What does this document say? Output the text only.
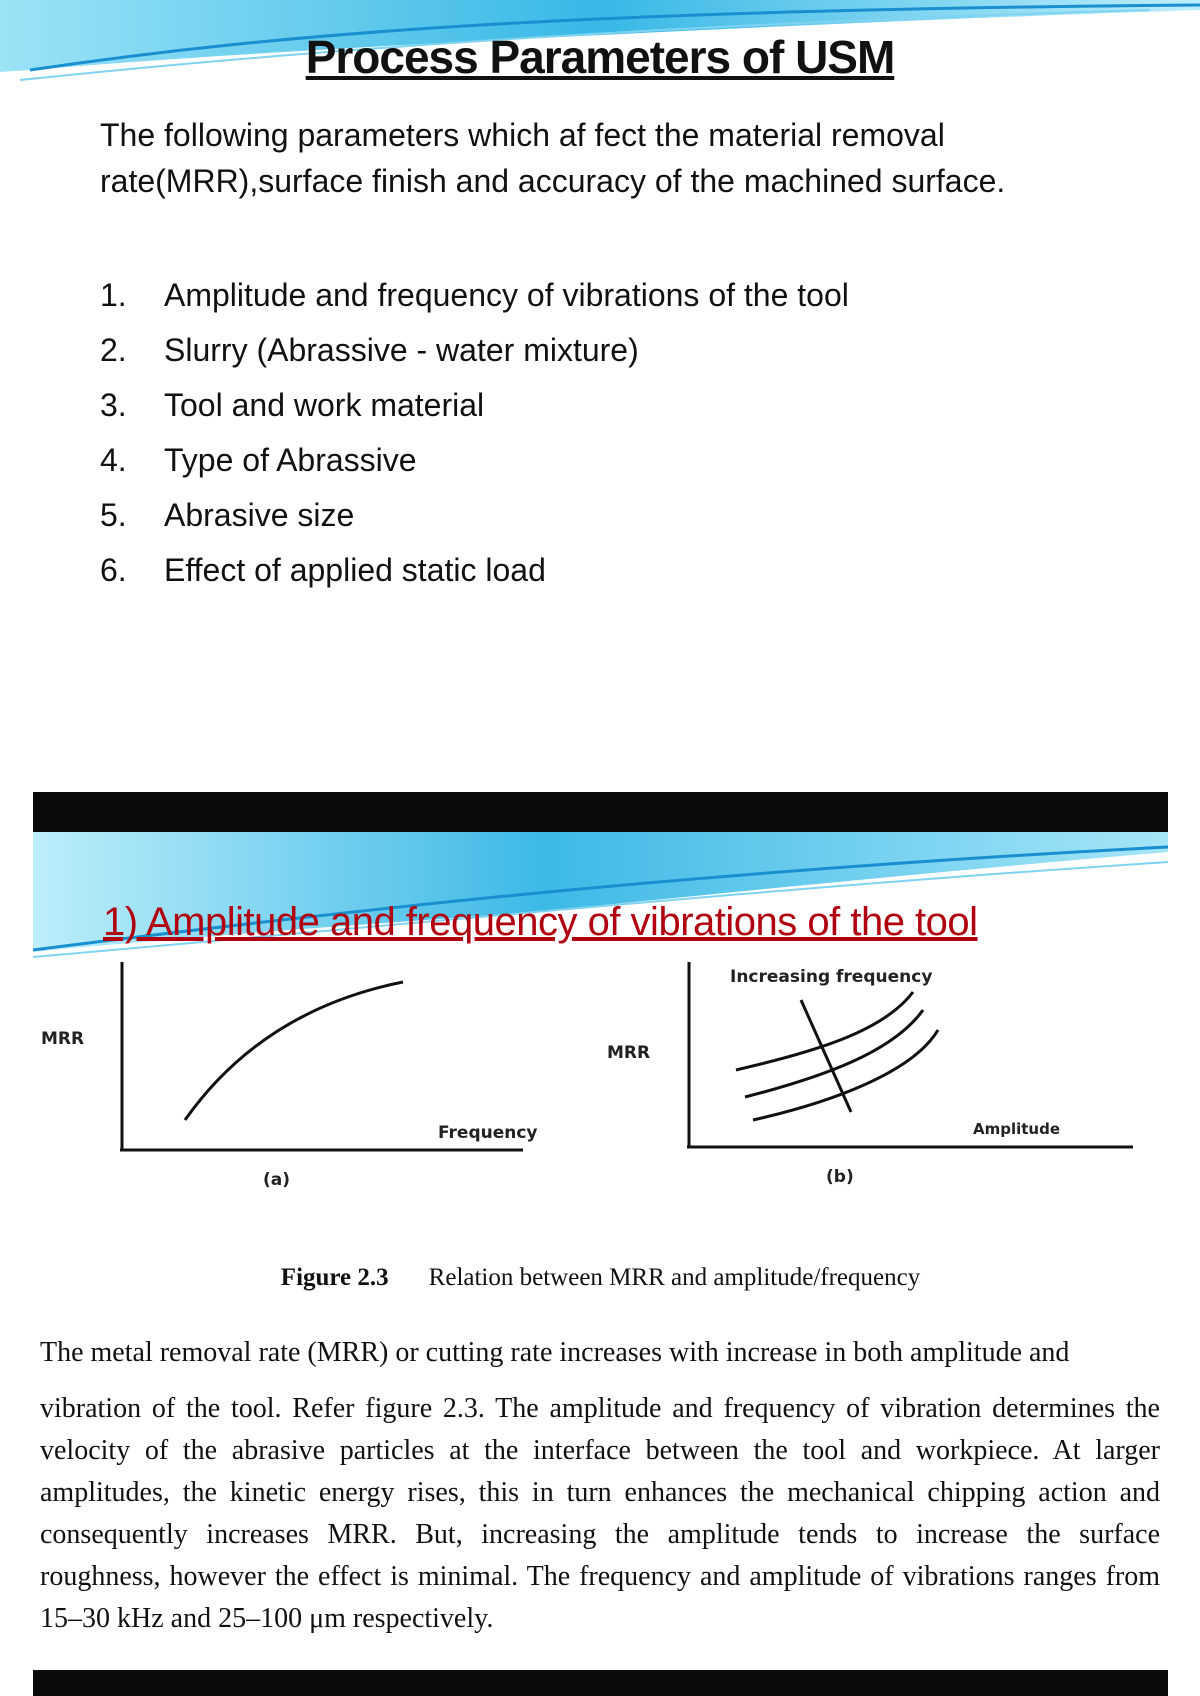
Process Parameters of USM
The following parameters which af fect the material removal rate(MRR),surface finish and accuracy of the machined surface.
1.	Amplitude and frequency of vibrations of the tool
2.	Slurry (Abrassive - water mixture)
3.	Tool and work material
4.	Type of Abrassive
5.	Abrasive size
6.	Effect of applied static load
1) Amplitude and frequency of vibrations of the tool
MRR
Frequency
(a)
MRR
Amplitude
Increasing frequency
(b)
Figure 2.3 Relation between MRR and amplitude/frequency

The metal removal rate (MRR) or cutting rate increases with increase in both amplitude and

vibration of the tool. Refer figure 2.3. The amplitude and frequency of vibration determines the velocity of the abrasive particles at the interface between the tool and workpiece. At larger amplitudes, the kinetic energy rises, this in turn enhances the mechanical chipping action and consequently increases MRR. But, increasing the amplitude tends to increase the surface roughness, however the effect is minimal. The frequency and amplitude of vibrations ranges from 15–30 kHz and 25–100 μm respectively.
